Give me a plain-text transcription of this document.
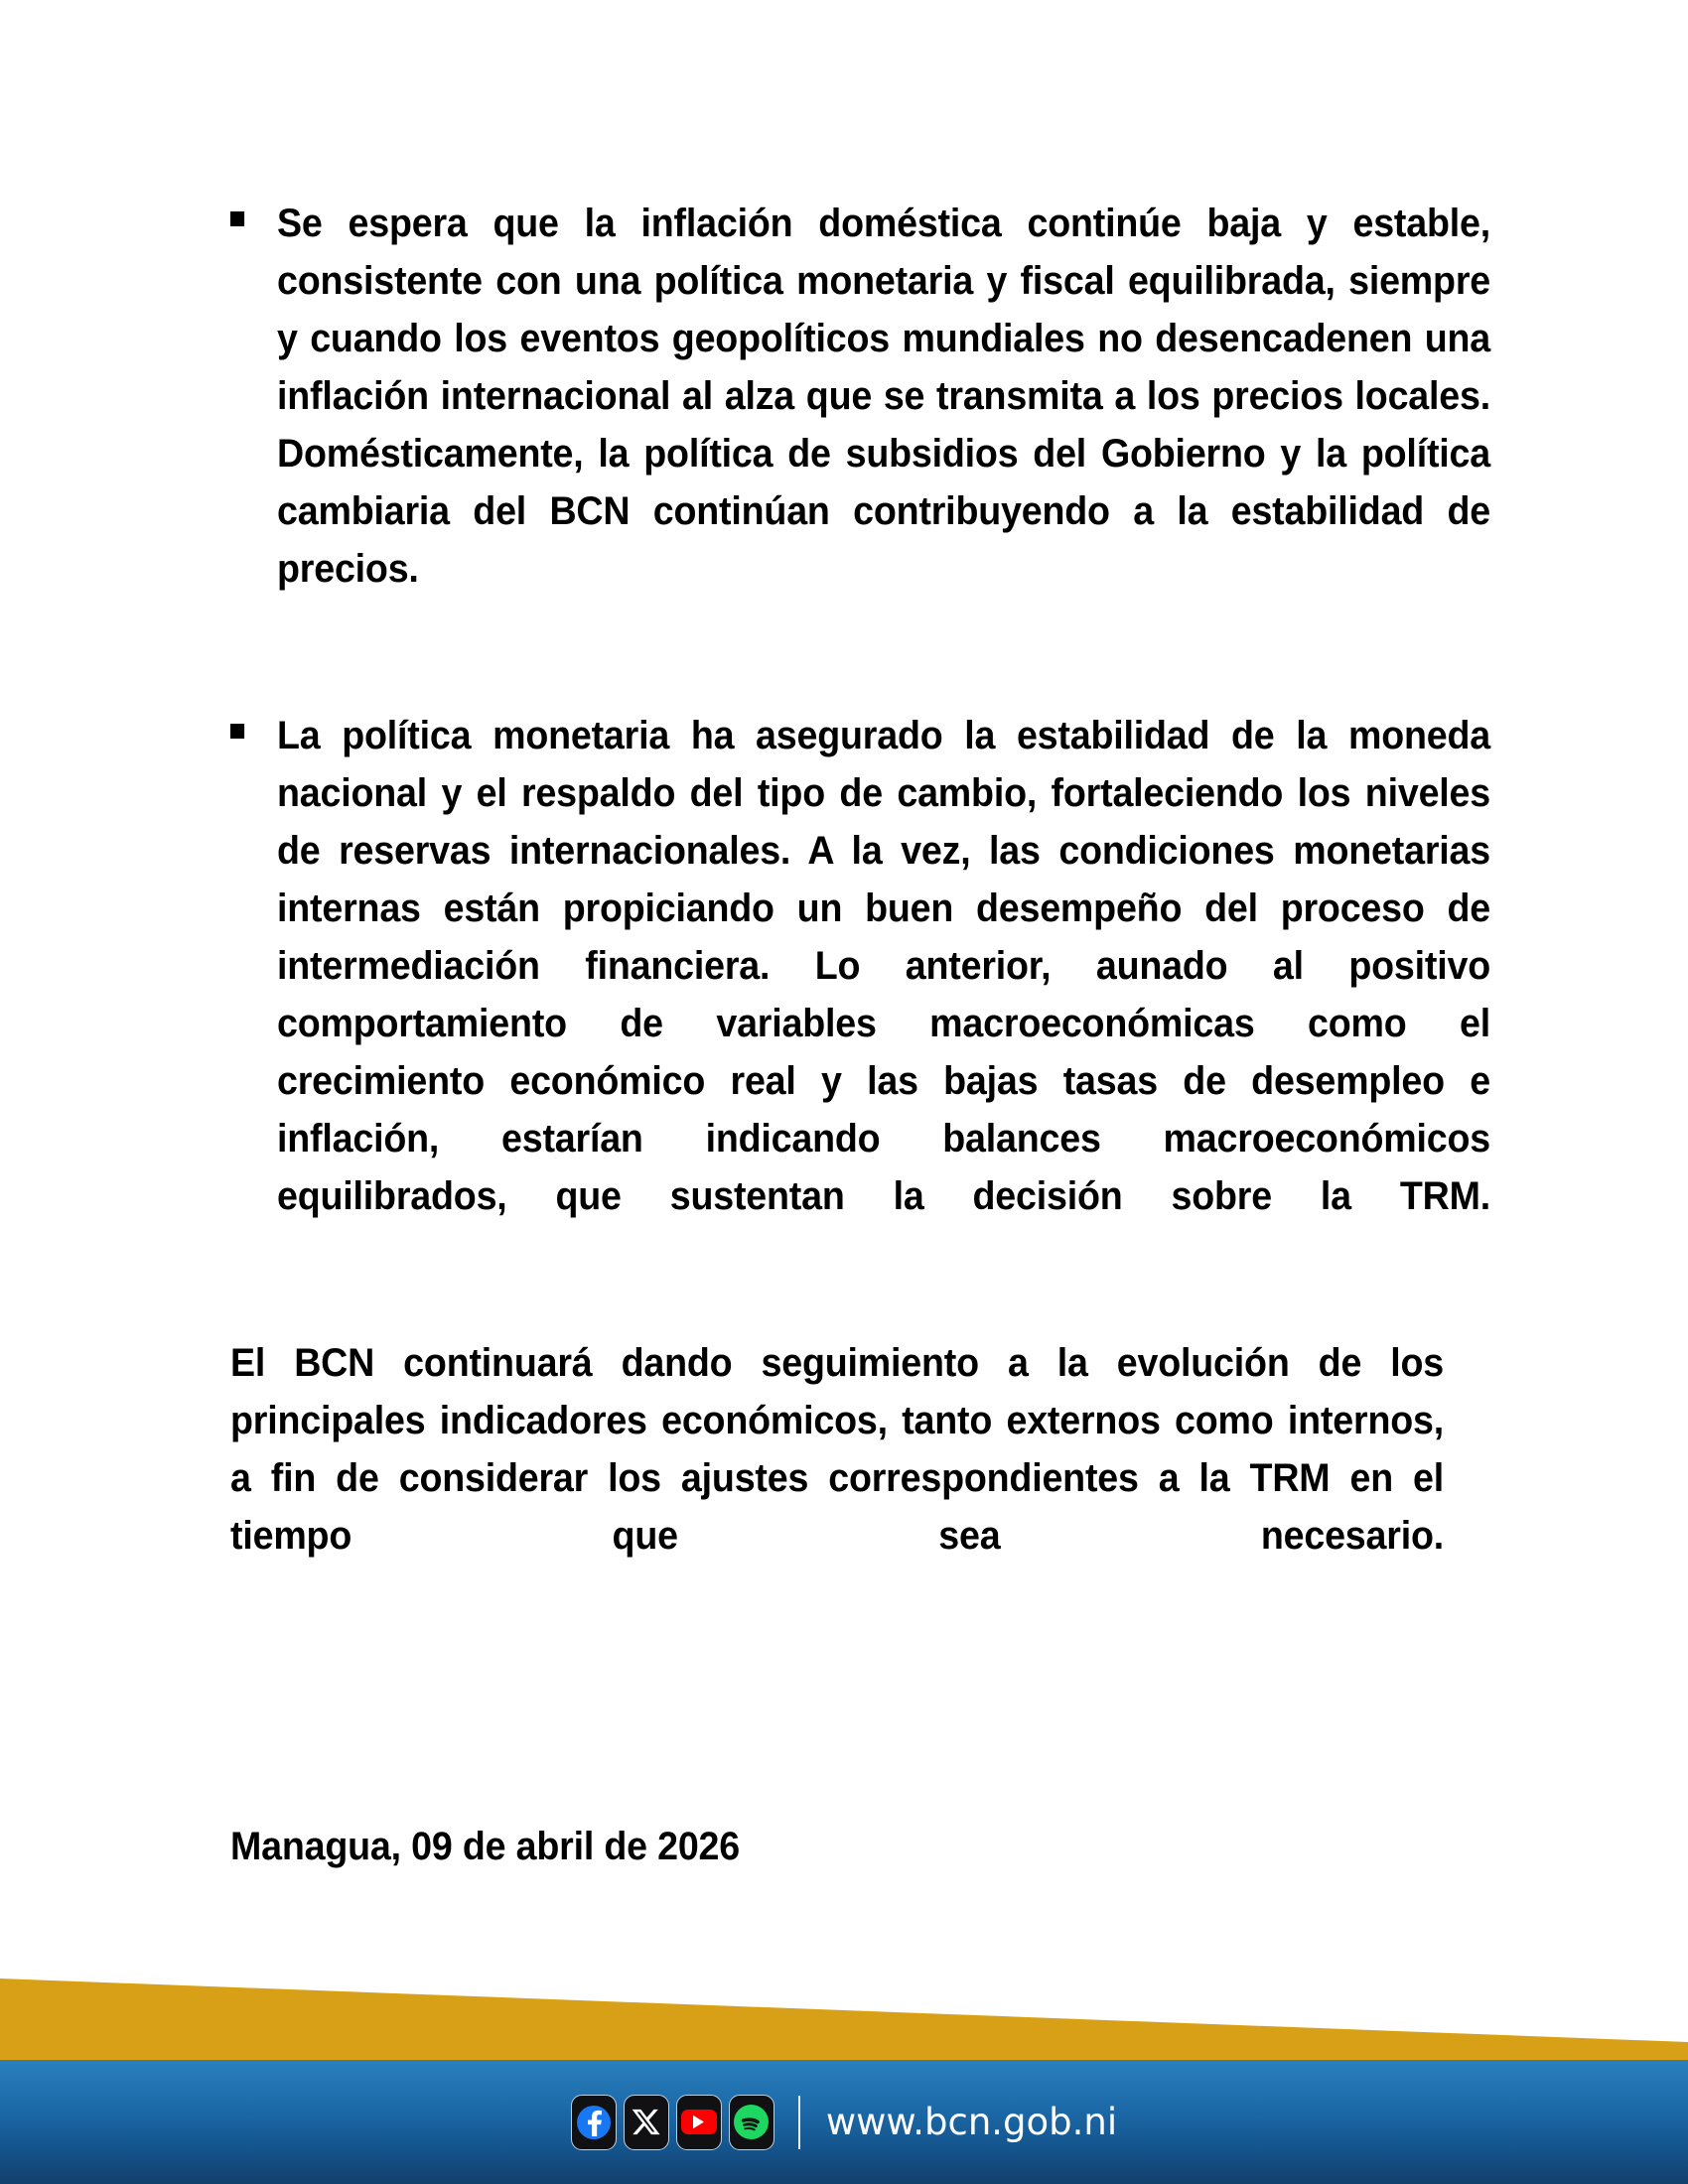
Se espera que la inflación doméstica continúe baja y estable, consistente con una política monetaria y fiscal equilibrada, siempre y cuando los eventos geopolíticos mundiales no desencadenen una inflación internacional al alza que se transmita a los precios locales. Domésticamente, la política de subsidios del Gobierno y la política cambiaria del BCN continúan contribuyendo a la estabilidad de precios.
La política monetaria ha asegurado la estabilidad de la moneda nacional y el respaldo del tipo de cambio, fortaleciendo los niveles de reservas internacionales. A la vez, las condiciones monetarias internas están propiciando un buen desempeño del proceso de intermediación financiera. Lo anterior, aunado al positivo comportamiento de variables macroeconómicas como el crecimiento económico real y las bajas tasas de desempleo e inflación, estarían indicando balances macroeconómicos equilibrados, que sustentan la decisión sobre la TRM.
El BCN continuará dando seguimiento a la evolución de los principales indicadores económicos, tanto externos como internos, a fin de considerar los ajustes correspondientes a la TRM en el tiempo que sea necesario.
Managua, 09 de abril de 2026
www.bcn.gob.ni
